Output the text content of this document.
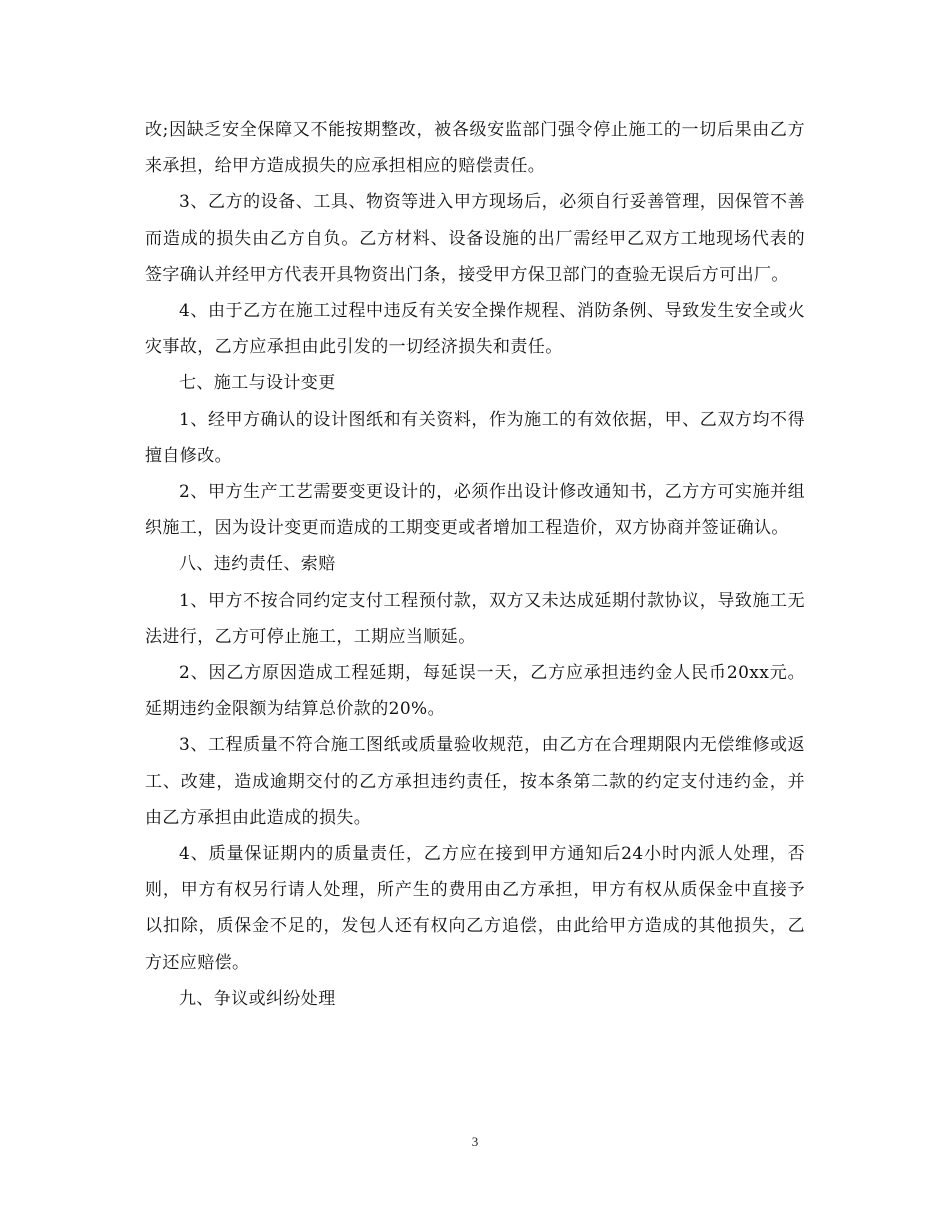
改;因缺乏安全保障又不能按期整改，被各级安监部门强令停止施工的一切后果由乙方来承担，给甲方造成损失的应承担相应的赔偿责任。

3、乙方的设备、工具、物资等进入甲方现场后，必须自行妥善管理，因保管不善而造成的损失由乙方自负。乙方材料、设备设施的出厂需经甲乙双方工地现场代表的签字确认并经甲方代表开具物资出门条，接受甲方保卫部门的查验无误后方可出厂。

4、由于乙方在施工过程中违反有关安全操作规程、消防条例、导致发生安全或火灾事故，乙方应承担由此引发的一切经济损失和责任。

七、施工与设计变更

1、经甲方确认的设计图纸和有关资料，作为施工的有效依据，甲、乙双方均不得擅自修改。

2、甲方生产工艺需要变更设计的，必须作出设计修改通知书，乙方方可实施并组织施工，因为设计变更而造成的工期变更或者增加工程造价，双方协商并签证确认。

八、违约责任、索赔

1、甲方不按合同约定支付工程预付款，双方又未达成延期付款协议，导致施工无法进行，乙方可停止施工，工期应当顺延。

2、因乙方原因造成工程延期，每延误一天，乙方应承担违约金人民币20xx元。延期违约金限额为结算总价款的20%。

3、工程质量不符合施工图纸或质量验收规范，由乙方在合理期限内无偿维修或返工、改建，造成逾期交付的乙方承担违约责任，按本条第二款的约定支付违约金，并由乙方承担由此造成的损失。

4、质量保证期内的质量责任，乙方应在接到甲方通知后24小时内派人处理，否则，甲方有权另行请人处理，所产生的费用由乙方承担，甲方有权从质保金中直接予以扣除，质保金不足的，发包人还有权向乙方追偿，由此给甲方造成的其他损失，乙方还应赔偿。

九、争议或纠纷处理

3
